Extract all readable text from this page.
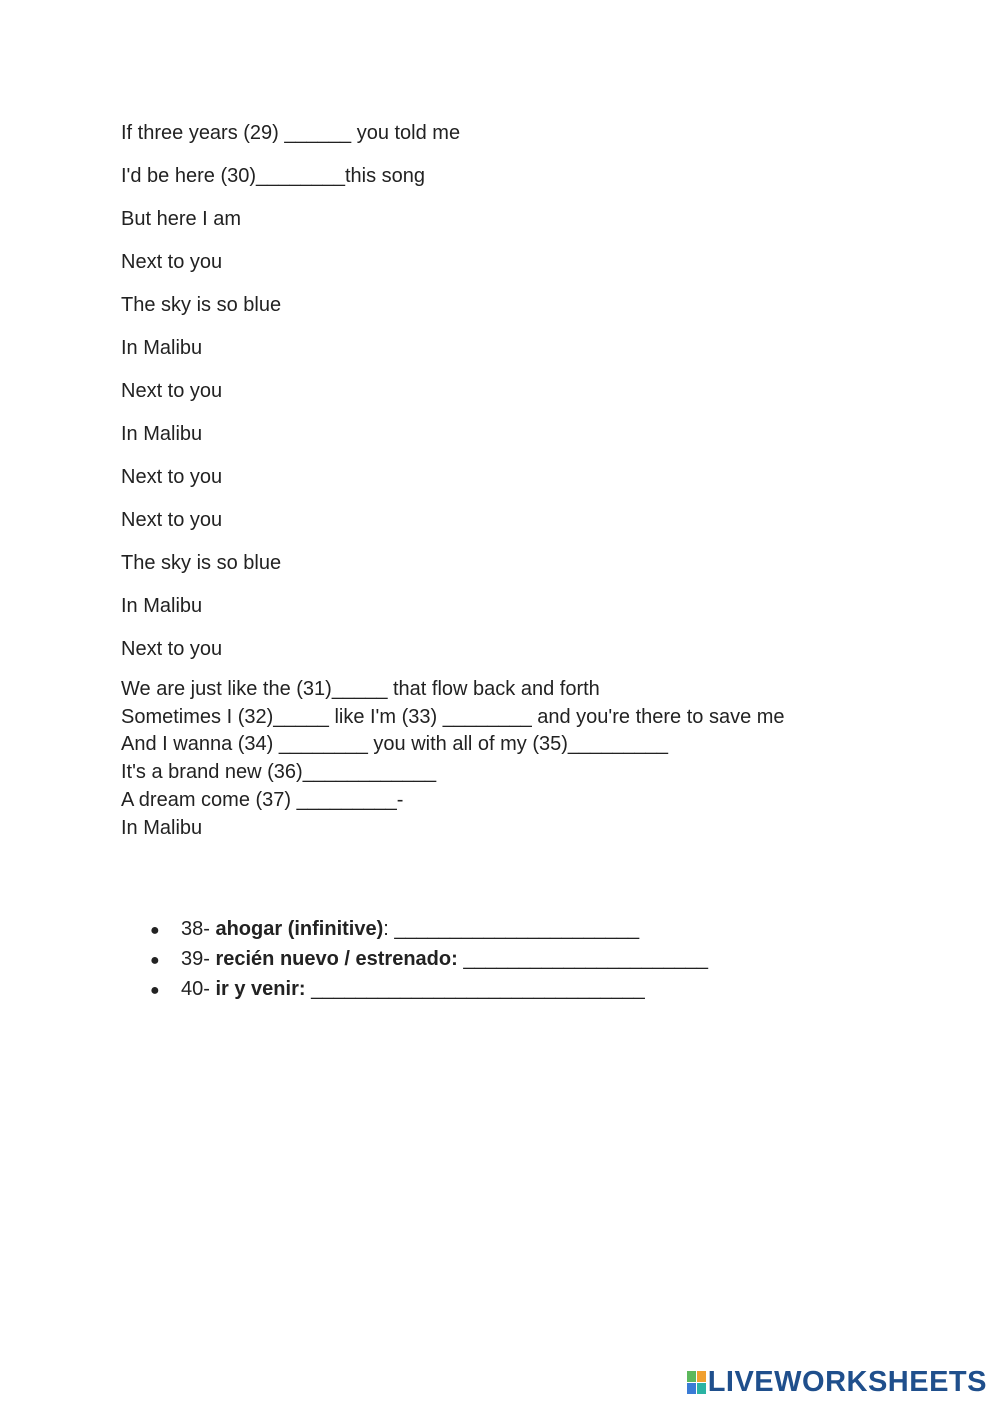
If three years (29) ______ you told me
I'd be here (30)________this song
But here I am
Next to you
The sky is so blue
In Malibu
Next to you
In Malibu
Next to you
Next to you
The sky is so blue
In Malibu
Next to you
We are just like the (31)_____ that flow back and forth
Sometimes I (32)_____ like I'm (33) ________ and you're there to save me
And I wanna (34) ________ you with all of my (35)_________
It's a brand new (36)____________
A dream come (37) _________-
In Malibu
●	38- ahogar (infinitive) : ______________________
●	39- recién nuevo / estrenado: ______________________
●	40- ir y venir: ______________________________
LIVEWORKSHEETS
